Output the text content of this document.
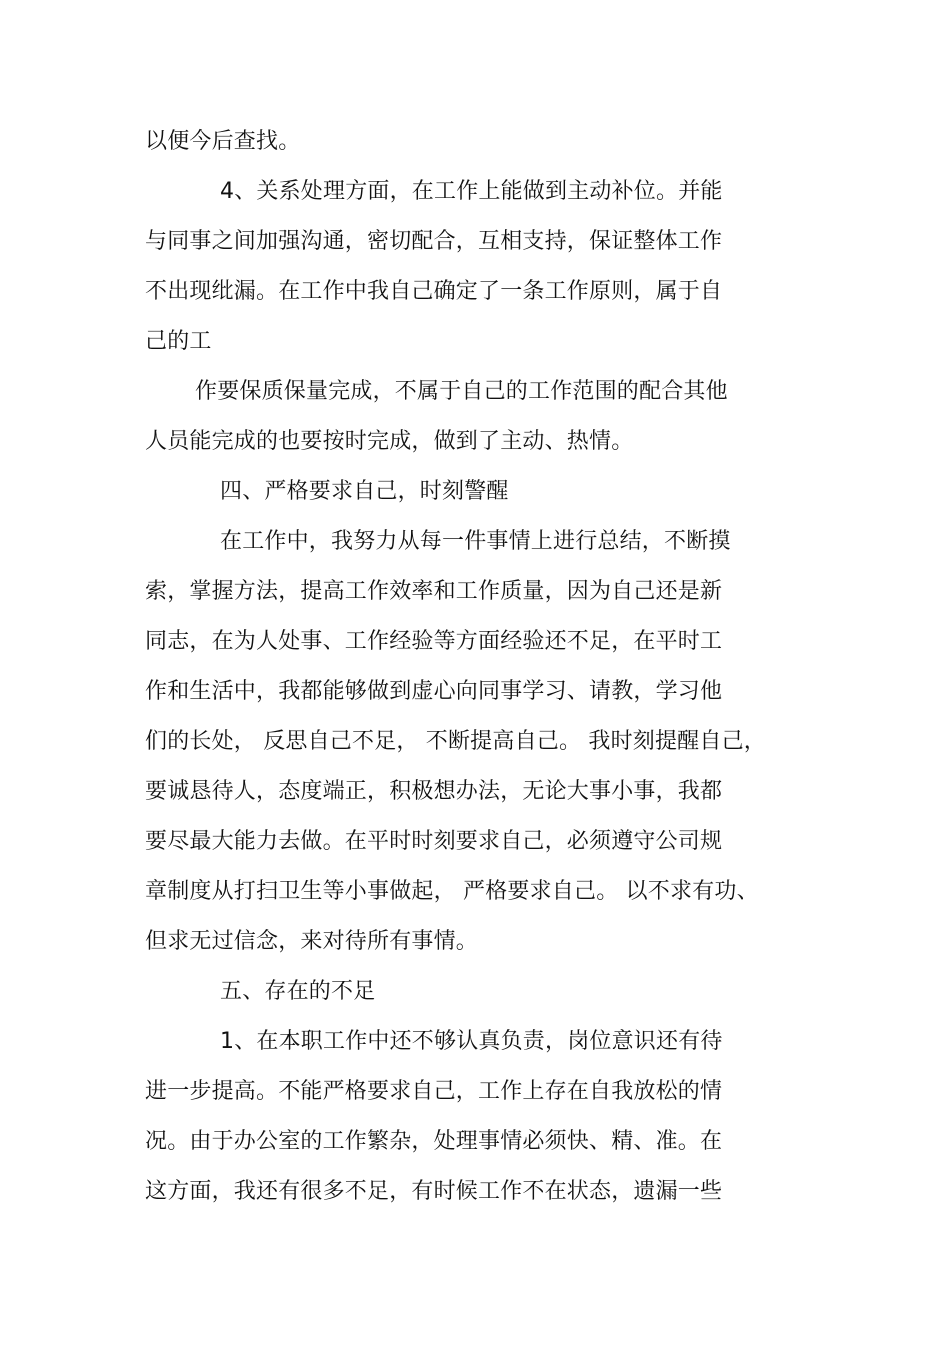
以便今后查找。
4、关系处理方面，在工作上能做到主动补位。并能
与同事之间加强沟通，密切配合，互相支持，保证整体工作
不出现纰漏。在工作中我自己确定了一条工作原则，属于自
己的工
作要保质保量完成，不属于自己的工作范围的配合其他
人员能完成的也要按时完成，做到了主动、热情。
四、严格要求自己，时刻警醒
在工作中，我努力从每一件事情上进行总结，不断摸
索，掌握方法，提高工作效率和工作质量，因为自己还是新
同志，在为人处事、工作经验等方面经验还不足，在平时工
作和生活中，我都能够做到虚心向同事学习、请教，学习他
们的长处， 反思自己不足， 不断提高自己。 我时刻提醒自己，
要诚恳待人，态度端正，积极想办法，无论大事小事，我都
要尽最大能力去做。在平时时刻要求自己，必须遵守公司规
章制度从打扫卫生等小事做起， 严格要求自己。 以不求有功、
但求无过信念，来对待所有事情。
五、存在的不足
1、在本职工作中还不够认真负责，岗位意识还有待
进一步提高。不能严格要求自己，工作上存在自我放松的情
况。由于办公室的工作繁杂，处理事情必须快、精、准。在
这方面，我还有很多不足，有时候工作不在状态，遗漏一些
